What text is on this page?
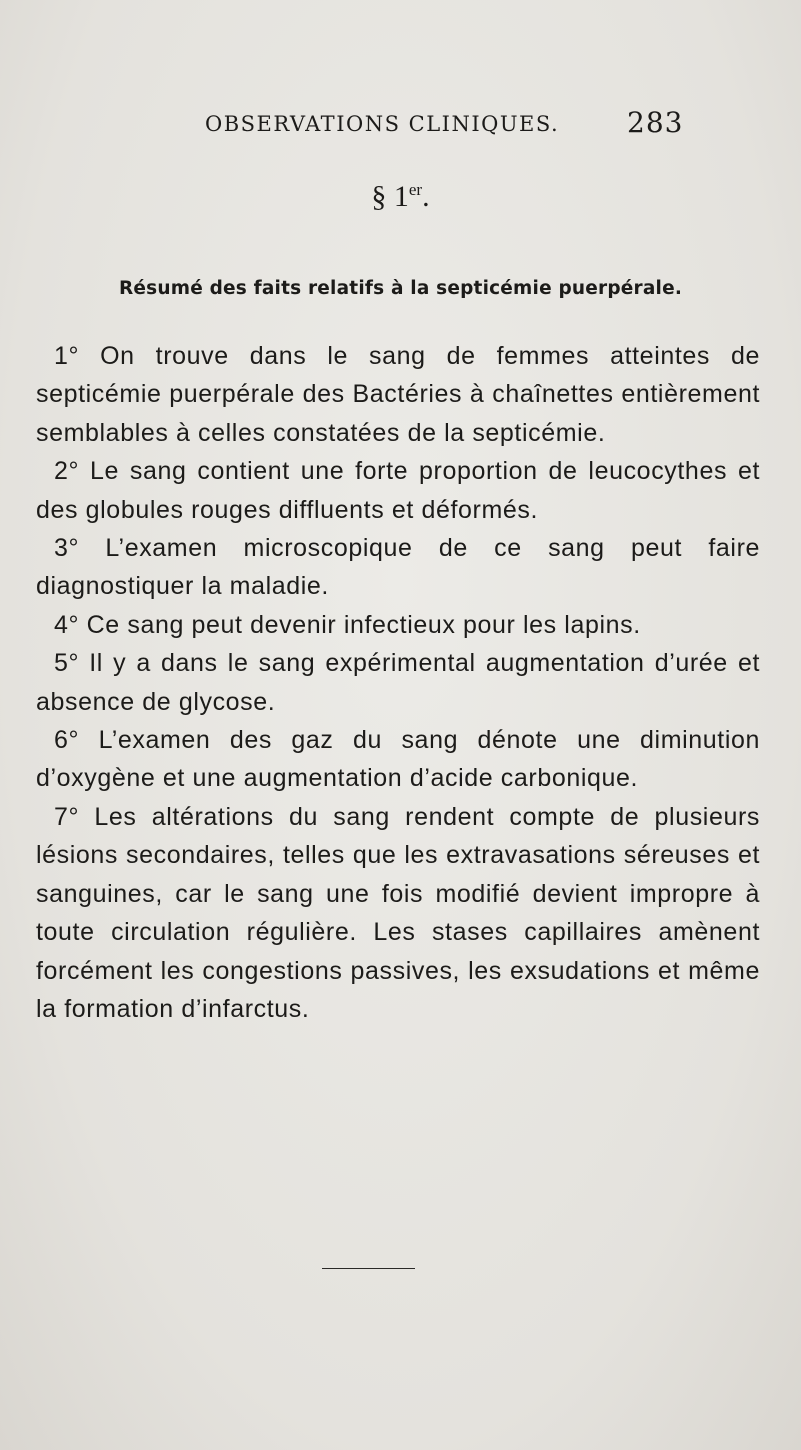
OBSERVATIONS CLINIQUES. 283
§ 1er.
Résumé des faits relatifs à la septicémie puerpérale.

1° On trouve dans le sang de femmes atteintes de septicémie puerpérale des Bactéries à chaînettes entièrement semblables à celles constatées de la septicémie.

2° Le sang contient une forte proportion de leucocythes et des globules rouges diffluents et déformés.

3° L’examen microscopique de ce sang peut faire diagnostiquer la maladie.

4° Ce sang peut devenir infectieux pour les lapins.

5° Il y a dans le sang expérimental augmentation d’urée et absence de glycose.

6° L’examen des gaz du sang dénote une diminution d’oxygène et une augmentation d’acide carbonique.

7° Les altérations du sang rendent compte de plusieurs lésions secondaires, telles que les extravasations séreuses et sanguines, car le sang une fois modifié devient impropre à toute circulation régulière. Les stases capillaires amènent forcément les congestions passives, les exsudations et même la formation d’infarctus.
